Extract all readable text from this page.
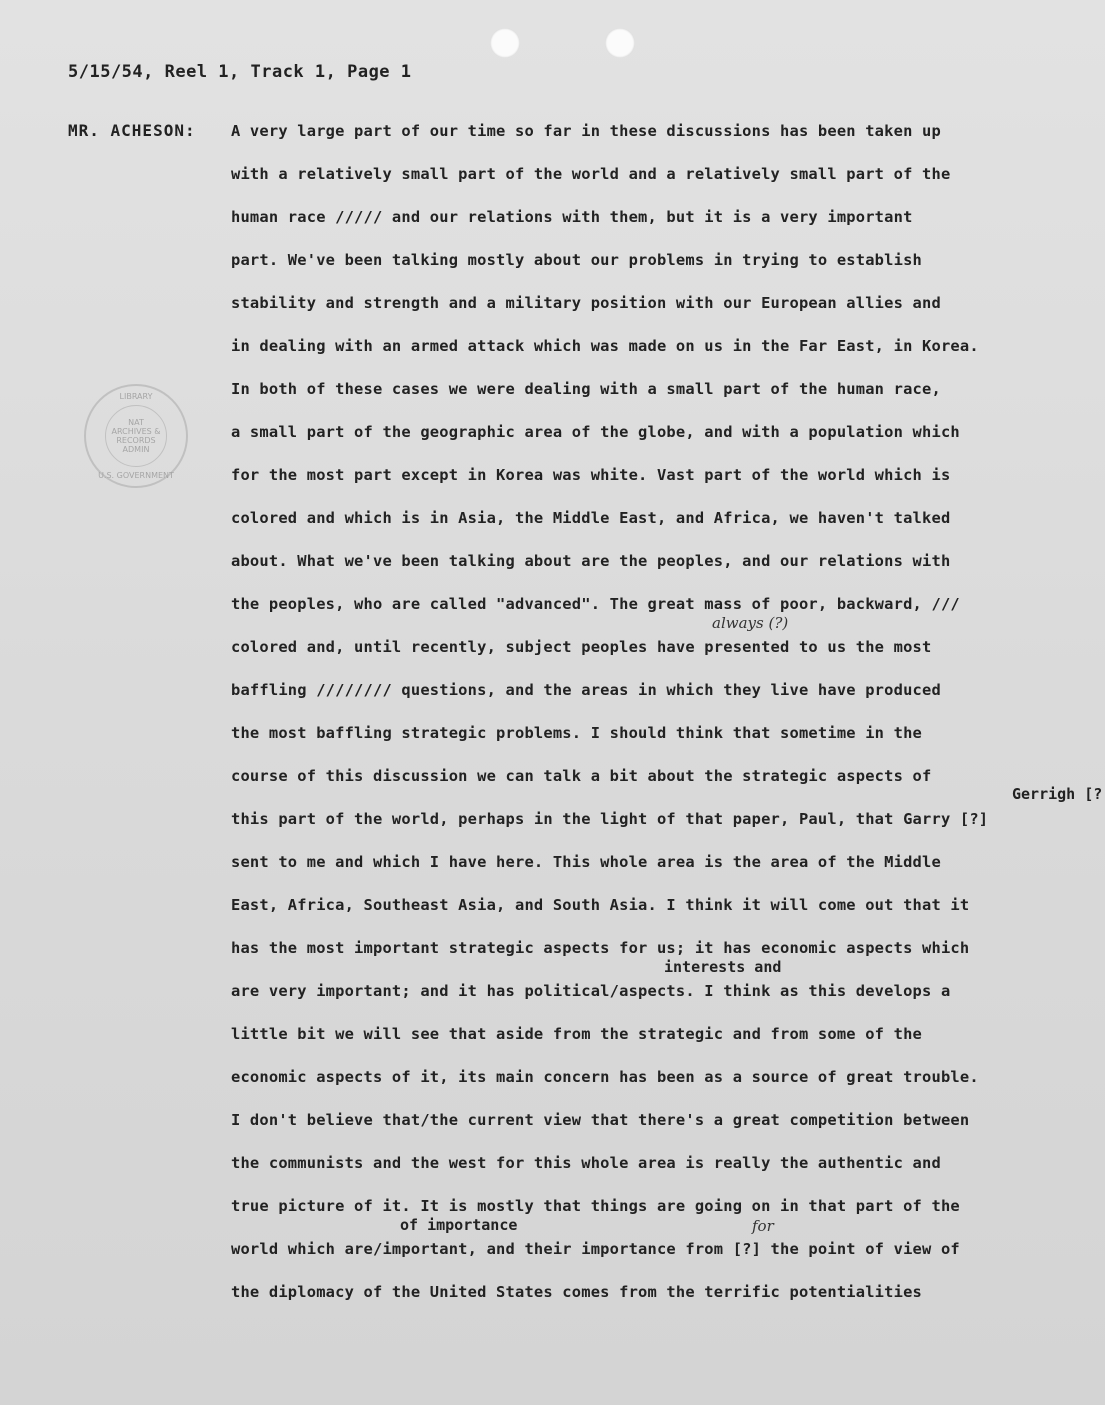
5/15/54, Reel 1, Track 1, Page 1
MR. ACHESON:
LIBRARY
NAT
ARCHIVES &
RECORDS
ADMIN
U.S. GOVERNMENT
A very large part of our time so far in these discussions has been taken up
with a relatively small part of the world and a relatively small part of the
human race ///// and our relations with them, but it is a very important
part. We've been talking mostly about our problems in trying to establish
stability and strength and a military position with our European allies and
in dealing with an armed attack which was made on us in the Far East, in Korea.
In both of these cases we were dealing with a small part of the human race,
a small part of the geographic area of the globe, and with a population which
for the most part except in Korea was white. Vast part of the world which is
colored and which is in Asia, the Middle East, and Africa, we haven't talked
about. What we've been talking about are the peoples, and our relations with
the peoples, who are called "advanced". The great mass of poor, backward, ///
colored and, until recently, subject peoples have presented to us the most
baffling //////// questions, and the areas in which they live have produced
the most baffling strategic problems. I should think that sometime in the
course of this discussion we can talk a bit about the strategic aspects of
this part of the world, perhaps in the light of that paper, Paul, that Garry [?]
sent to me and which I have here. This whole area is the area of the Middle
East, Africa, Southeast Asia, and South Asia. I think it will come out that it
has the most important strategic aspects for us; it has economic aspects which
are very important; and it has political/aspects. I think as this develops a
little bit we will see that aside from the strategic and from some of the
economic aspects of it, its main concern has been as a source of great trouble.
I don't believe that/the current view that there's a great competition between
the communists and the west for this whole area is really the authentic and
true picture of it. It is mostly that things are going on in that part of the
world which are/important, and their importance from [?] the point of view of
the diplomacy of the United States comes from the terrific potentialities
always (?)
Gerrigh [?
interests and
of importance	for
